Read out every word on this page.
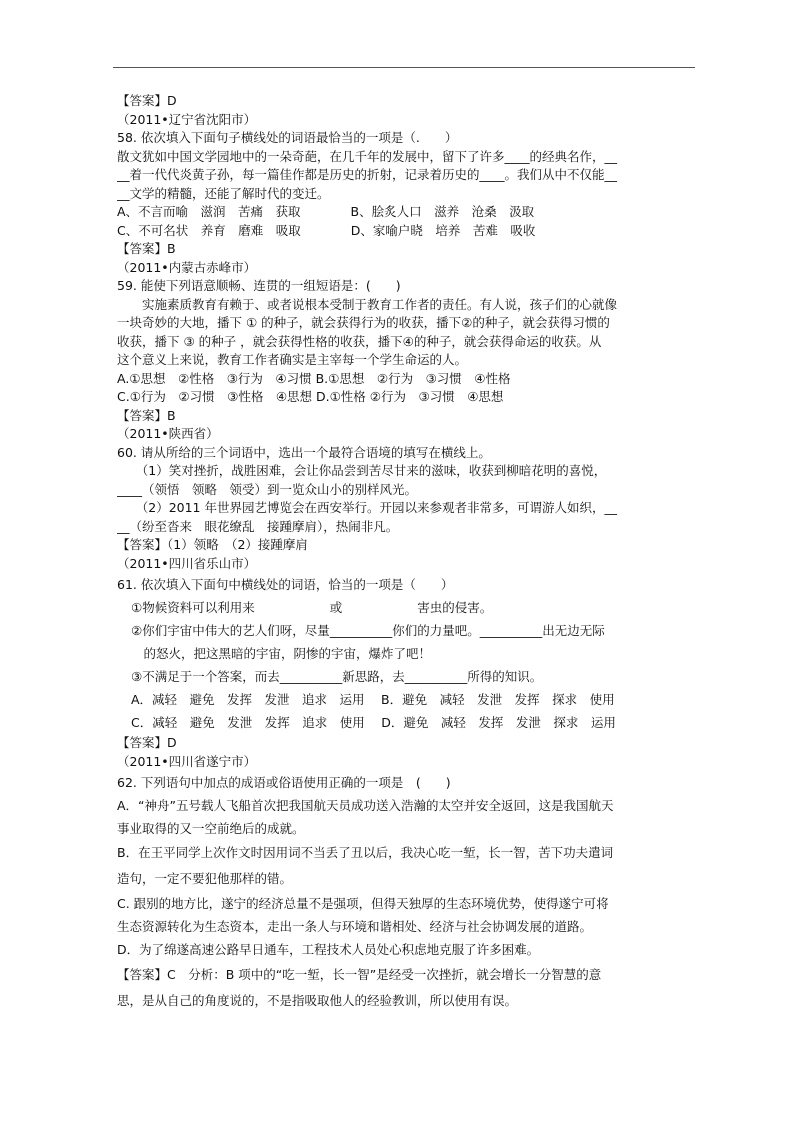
【答案】D
（2011•辽宁省沈阳市）
58. 依次填入下面句子横线处的词语最恰当的一项是（.　　）
散文犹如中国文学园地中的一朵奇葩，在几千年的发展中，留下了许多____的经典名作，__
__着一代代炎黄子孙，每一篇佳作都是历史的折射，记录着历史的____。我们从中不仅能__
__文学的精髓，还能了解时代的变迁。
A、不言而喻　滋润　苦痛　获取　　　　B、脍炙人口　滋养　沧桑　汲取
C、不可名状　养育　磨难　吸取　　　　D、家喻户晓　培养　苦难　吸收
【答案】B
（2011•内蒙古赤峰市）
59. 能使下列语意顺畅、连贯的一组短语是：(　　)
　　实施素质教育有赖于、或者说根本受制于教育工作者的责任。有人说，孩子们的心就像
一块奇妙的大地，播下 ① 的种子，就会获得行为的收获，播下②的种子，就会获得习惯的
收获，播下 ③ 的种子 ，就会获得性格的收获，播下④的种子，就会获得命运的收获。从
这个意义上来说，教育工作者确实是主宰每一个学生命运的人。
A.①思想　②性格　③行为　④习惯 B.①思想　②行为　③习惯　④性格
C.①行为　②习惯　③性格　④思想 D.①性格 ②行为　③习惯　④思想
【答案】B
（2011•陕西省）
60. 请从所给的三个词语中，选出一个最符合语境的填写在横线上。
　　（1）笑对挫折，战胜困难，会让你品尝到苦尽甘来的滋味，收获到柳暗花明的喜悦，
____（领悟　领略　领受）到一览众山小的别样风光。
　　（2）2011 年世界园艺博览会在西安举行。开园以来参观者非常多，可谓游人如织，__
__（纷至沓来　眼花缭乱　接踵摩肩），热闹非凡。
【答案】（1）领略　（2）接踵摩肩
（2011•四川省乐山市）
61. 依次填入下面句中横线处的词语，恰当的一项是（　　）
①物候资料可以利用来　　　　　　或　　　　　　害虫的侵害。
②你们宇宙中伟大的艺人们呀，尽量__________你们的力量吧。__________出无边无际
　的怒火，把这黑暗的宇宙，阴惨的宇宙，爆炸了吧！
③不满足于一个答案，而去__________新思路，去__________所得的知识。
A．减轻　避免　发挥　发泄　追求　运用　 B．避免　减轻　发泄　发挥　探求　使用
C．减轻　避免　发泄　发挥　追求　使用　 D．避免　减轻　发挥　发泄　探求　运用
【答案】D
（2011•四川省遂宁市）
62. 下列语句中加点的成语或俗语使用正确的一项是　(　　)
A．“神舟”五号载人飞船首次把我国航天员成功送入浩瀚的太空并安全返回，这是我国航天
事业取得的又一空前绝后的成就。
B．在王平同学上次作文时因用词不当丢了丑以后，我决心吃一堑，长一智，苦下功夫遣词
造句，一定不要犯他那样的错。
C. 跟别的地方比，遂宁的经济总量不是强项，但得天独厚的生态环境优势，使得遂宁可将
生态资源转化为生态资本，走出一条人与环境和谐相处、经济与社会协调发展的道路。
D．为了绵遂高速公路早日通车，工程技术人员处心积虑地克服了许多困难。
【答案】C　分析：B 项中的“吃一堑，长一智”是经受一次挫折，就会增长一分智慧的意
思，是从自己的角度说的，不是指吸取他人的经验教训，所以使用有误。
